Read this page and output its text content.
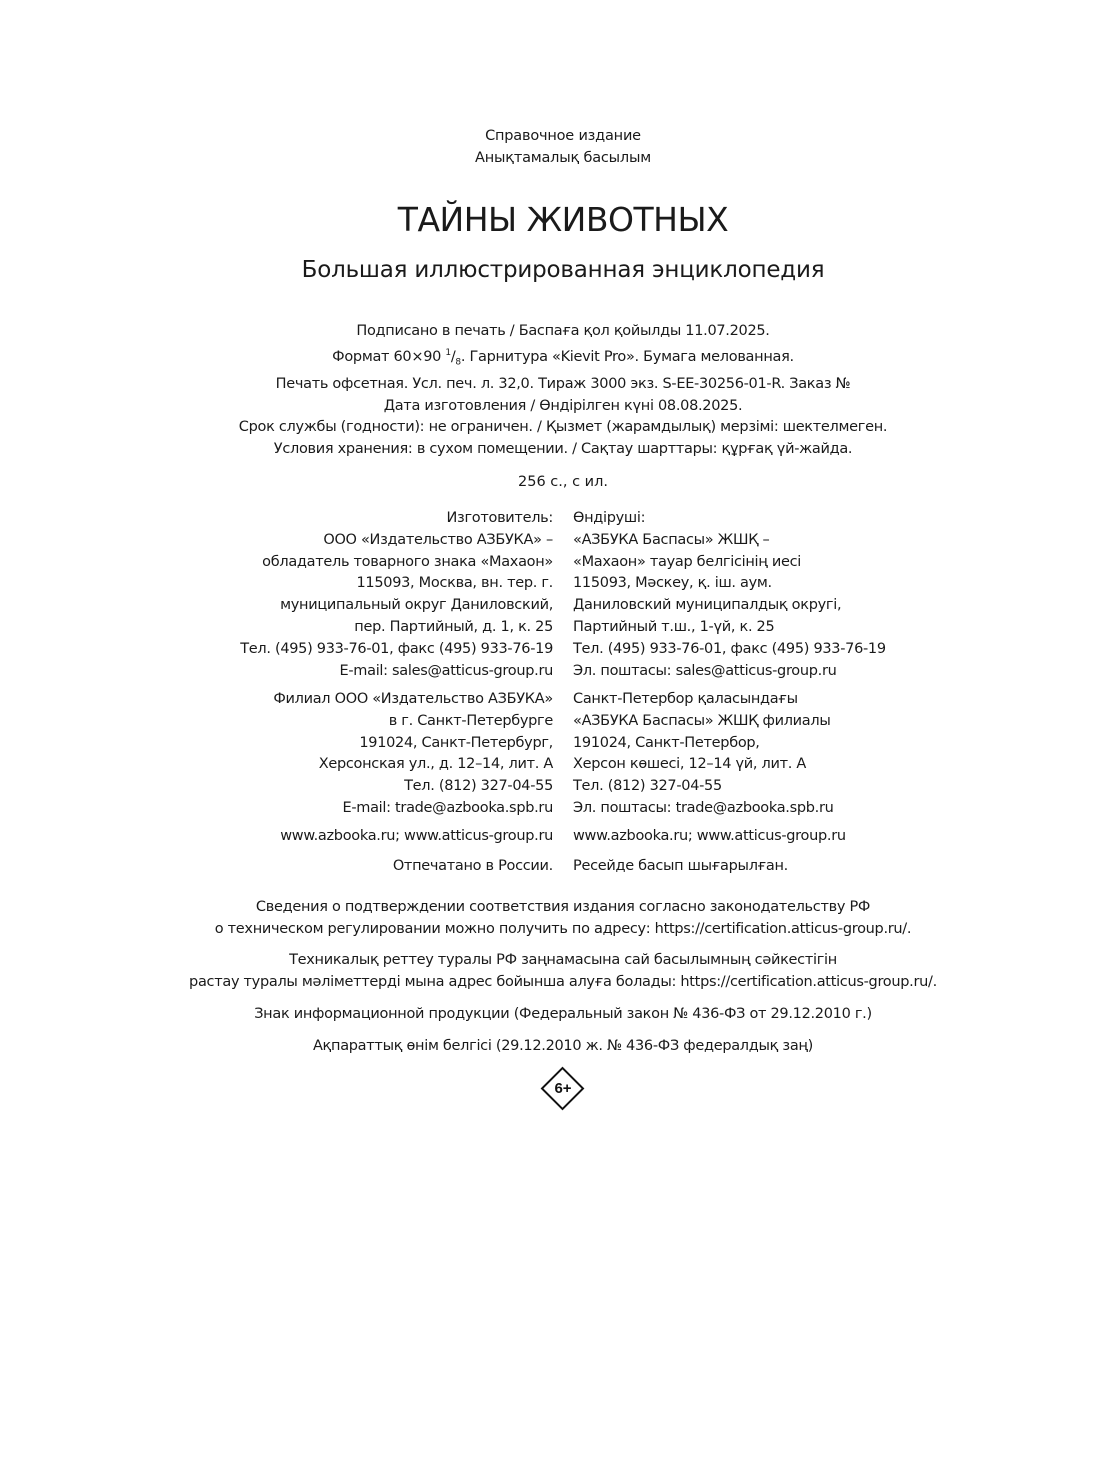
Справочное издание
Анықтамалық басылым
ТАЙНЫ ЖИВОТНЫХ
Большая иллюстрированная энциклопедия
Подписано в печать / Баспаға қол қойылды 11.07.2025.
Формат 60×90 $^1/_8$. Гарнитура «Kievit Pro». Бумага мелованная.
Печать офсетная. Усл. печ. л. 32,0. Тираж 3000 экз. S-EE-30256-01-R. Заказ №
Дата изготовления / Өндірілген күні 08.08.2025.
Срок службы (годности): не ограничен. / Қызмет (жарамдылық) мерзімі: шектелмеген.
Условия хранения: в сухом помещении. / Сақтау шарттары: құрғақ үй-жайда.
256 с., с ил.
Изготовитель:
ООО «Издательство АЗБУКА» –
обладатель товарного знака «Махаон»
115093, Москва, вн. тер. г.
муниципальный округ Даниловский,
пер. Партийный, д. 1, к. 25
Тел. (495) 933-76-01, факс (495) 933-76-19
E-mail: sales@atticus-group.ru
Өндіруші:
«АЗБУКА Баспасы» ЖШҚ –
«Махаон» тауар белгісінің иесі
115093, Мәскеу, қ. іш. аум.
Даниловский муниципалдық округі,
Партийный т.ш., 1-үй, к. 25
Тел. (495) 933-76-01, факс (495) 933-76-19
Эл. поштасы: sales@atticus-group.ru
Филиал ООО «Издательство АЗБУКА»
в г. Санкт-Петербурге
191024, Санкт-Петербург,
Херсонская ул., д. 12–14, лит. А
Тел. (812) 327-04-55
E-mail: trade@azbooka.spb.ru
Санкт-Петербор қаласындағы
«АЗБУКА Баспасы» ЖШҚ филиалы
191024, Санкт-Петербор,
Херсон көшесі, 12–14 үй, лит. А
Тел. (812) 327-04-55
Эл. поштасы: trade@azbooka.spb.ru
www.azbooka.ru; www.atticus-group.ru www.azbooka.ru; www.atticus-group.ru
Отпечатано в России. Ресейде басып шығарылған.
Сведения о подтверждении соответствия издания согласно законодательству РФ
о техническом регулировании можно получить по адресу: https://certification.atticus-group.ru/.
Техникалық реттеу туралы РФ заңнамасына сай басылымның сәйкестігін
растау туралы мәліметтерді мына адрес бойынша алуға болады: https://certification.atticus-group.ru/.
Знак информационной продукции (Федеральный закон № 436-ФЗ от 29.12.2010 г.)
Ақпараттық өнім белгісі (29.12.2010 ж. № 436-ФЗ федералдық заң)
6+
